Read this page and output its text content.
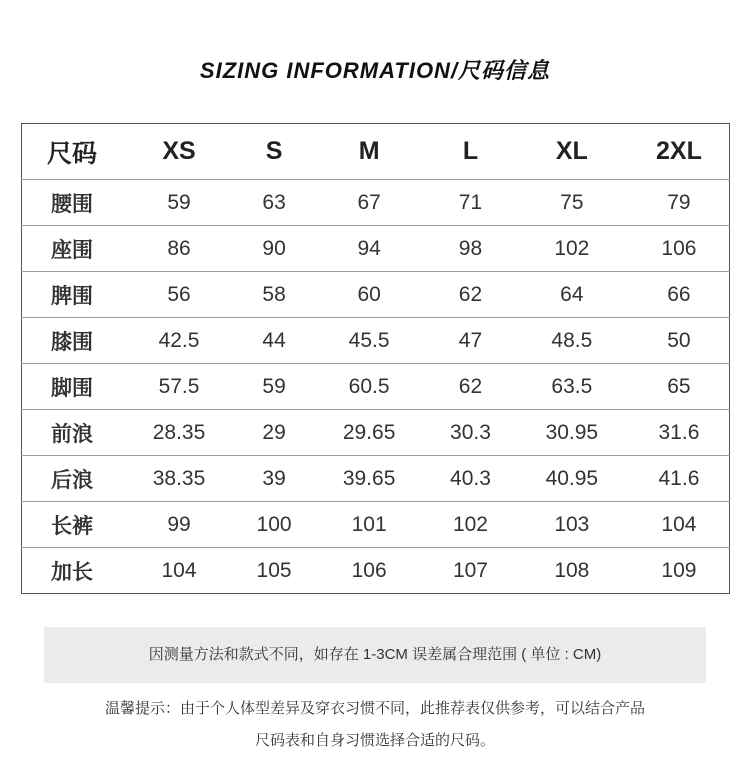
SIZING INFORMATION/尺码信息
尺码	XS	S	M	L	XL	2XL
腰围	59	63	67	71	75	79
座围	86	90	94	98	102	106
脾围	56	58	60	62	64	66
膝围	42.5	44	45.5	47	48.5	50
脚围	57.5	59	60.5	62	63.5	65
前浪	28.35	29	29.65	30.3	30.95	31.6
后浪	38.35	39	39.65	40.3	40.95	41.6
长裤	99	100	101	102	103	104
加长	104	105	106	107	108	109
因测量方法和款式不同，如存在 1-3CM 误差属合理范围 ( 单位 : CM)
温馨提示：由于个人体型差异及穿衣习惯不同，此推荐表仅供参考，可以结合产品
尺码表和自身习惯选择合适的尺码。
